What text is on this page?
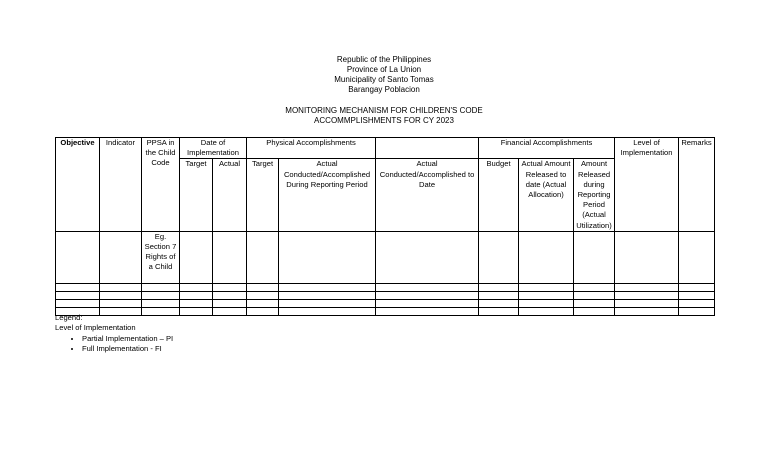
Republic of the Philippines
Province of La Union
Municipality of Santo Tomas
Barangay Poblacion
MONITORING MECHANISM FOR CHILDREN'S CODE
ACCOMMPLISHMENTS FOR CY 2023
Objective	Indicator	PPSA in the Child Code	Date of Implementation		Physical Accomplishments			Financial Accomplishments			Level of Implementation	Remarks
			Target	Actual	Target	Actual Conducted/Accomplished During Reporting Period	Actual Conducted/Accomplished to Date	Budget	Actual Amount Released to date (Actual Allocation)	Amount Released during Reporting Period (Actual Utilization)		
		Eg. Section 7 Rights of a Child										

Legend:
Level of Implementation
• Partial Implementation – PI
• Full Implementation - FI
